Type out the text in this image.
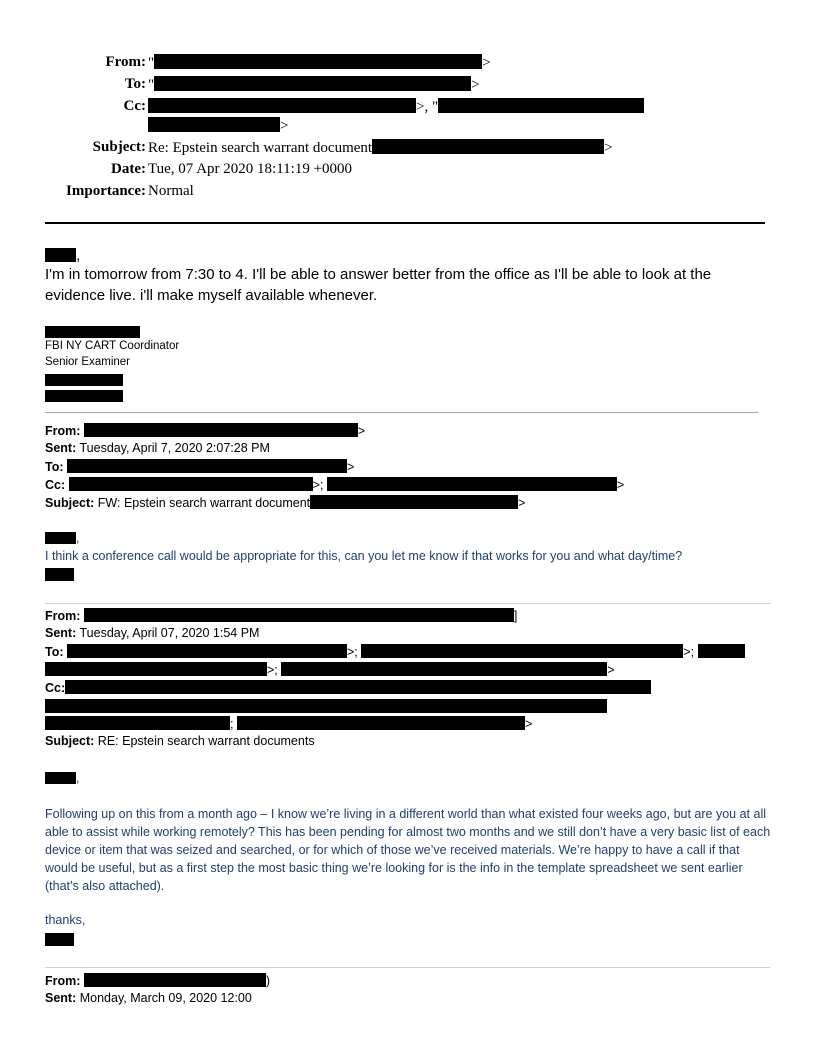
From: "	>
To: "	>
Cc:	>, "
>
Subject: Re: Epstein search warrant document	>
Date: Tue, 07 Apr 2020 18:11:19 +0000
Importance: Normal
,
I'm in tomorrow from 7:30 to 4. I'll be able to answer better from the office as I'll be able to look at the evidence live. i'll make myself available whenever.
FBI NY CART Coordinator
Senior Examiner
From:	>
Sent: Tuesday, April 7, 2020 2:07:28 PM
To:	>
Cc:	>;	>
Subject: FW: Epstein search warrant document	>
,
I think a conference call would be appropriate for this, can you let me know if that works for you and what day/time?
From:	]
Sent: Tuesday, April 07, 2020 1:54 PM
To:	>;	>;
>;	>
Cc:
;	>
Subject: RE: Epstein search warrant documents
,
Following up on this from a month ago – I know we’re living in a different world than what existed four weeks ago, but are you at all able to assist while working remotely? This has been pending for almost two months and we still don’t have a very basic list of each device or item that was seized and searched, or for which of those we’ve received materials. We’re happy to have a call if that would be useful, but as a first step the most basic thing we’re looking for is the info in the template spreadsheet we sent earlier (that’s also attached).
thanks,
From:	)
Sent: Monday, March 09, 2020 12:00
